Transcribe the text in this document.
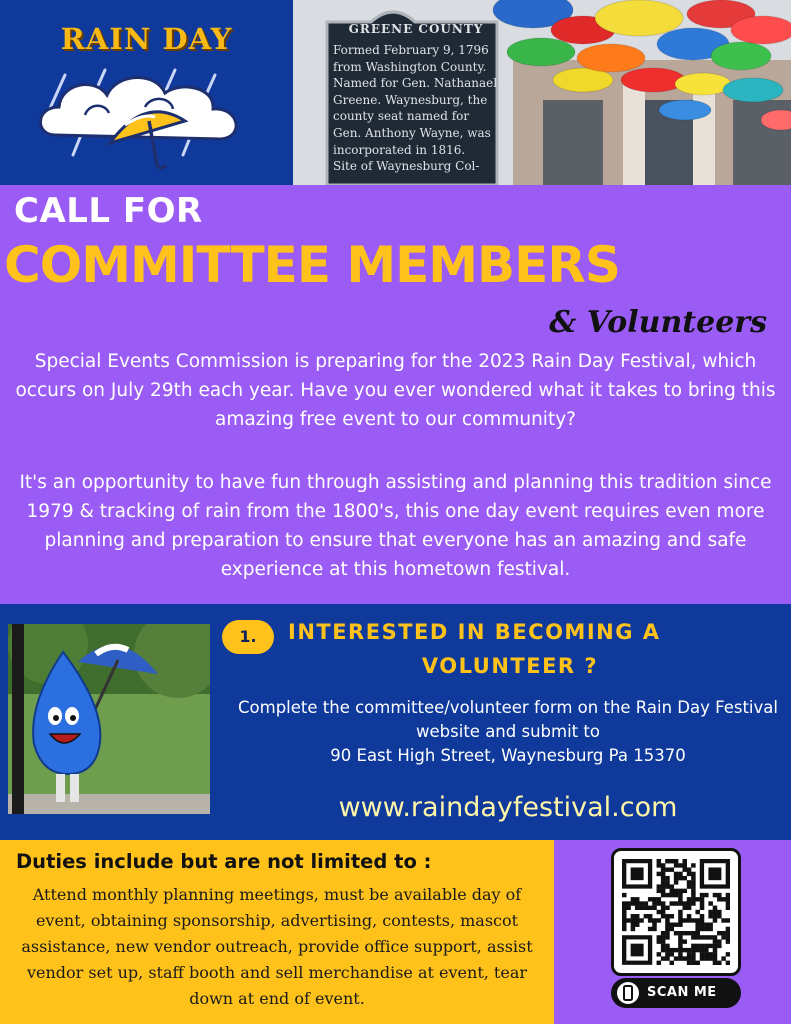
RAIN DAY	GREENE COUNTY
Formed February 9, 1796
from Washington County.
Named for Gen. Nathanael
Greene. Waynesburg, the
county seat named for
Gen. Anthony Wayne, was
incorporated in 1816.
Site of Waynesburg Col-
CALL FOR
COMMITTEE MEMBERS
& Volunteers

Special Events Commission is preparing for the 2023 Rain Day Festival, which occurs on July 29th each year. Have you ever wondered what it takes to bring this amazing free event to our community?

It's an opportunity to have fun through assisting and planning this tradition since 1979 & tracking of rain from the 1800's, this one day event requires even more planning and preparation to ensure that everyone has an amazing and safe experience at this hometown festival.

1.	INTERESTED IN BECOMING A
VOLUNTEER ?
Complete the committee/volunteer form on the Rain Day Festival website and submit to
90 East High Street, Waynesburg Pa 15370
www.raindayfestival.com
Duties include but are not limited to :

Attend monthly planning meetings, must be available day of event, obtaining sponsorship, advertising, contests, mascot assistance, new vendor outreach, provide office support, assist vendor set up, staff booth and sell merchandise at event, tear down at end of event.	SCAN ME
